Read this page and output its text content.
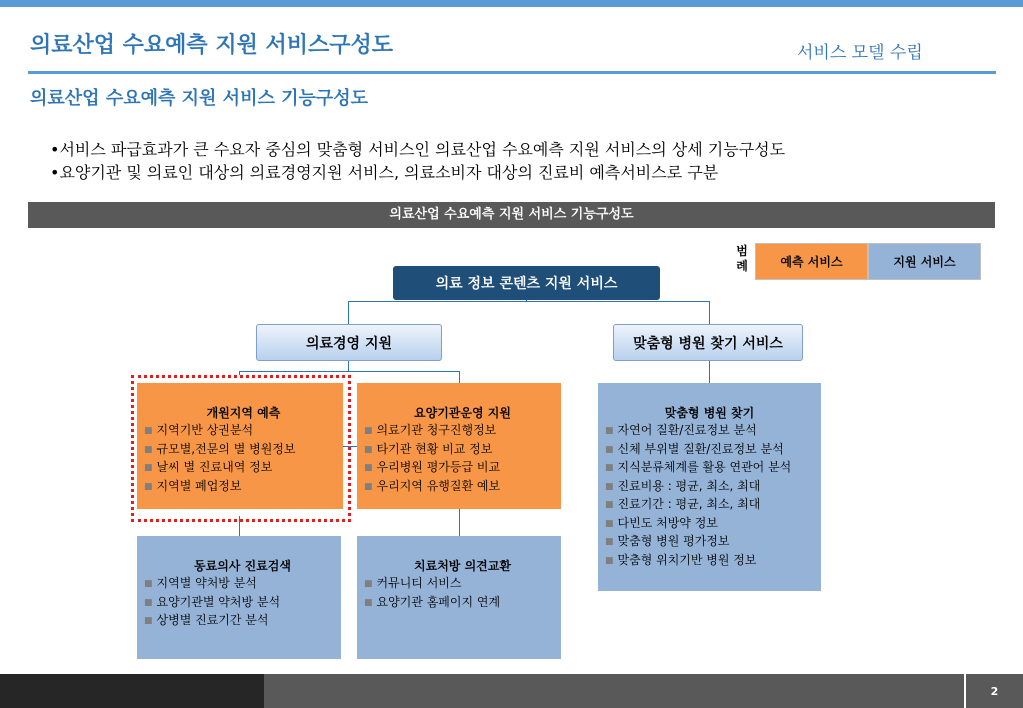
의료산업 수요예측 지원 서비스구성도	서비스 모델 수립
의료산업 수요예측 지원 서비스 기능구성도
•서비스 파급효과가 큰 수요자 중심의 맞춤형 서비스인 의료산업 수요예측 지원 서비스의 상세 기능구성도
•요양기관 및 의료인 대상의 의료경영지원 서비스, 의료소비자 대상의 진료비 예측서비스로 구분
의료산업 수요예측 지원 서비스 기능구성도
범례	예측 서비스	지원 서비스
의료 정보 콘텐츠 지원 서비스
의료경영 지원	맞춤형 병원 찾기 서비스
개원지역 예측
■ 지역기반 상권분석
■ 규모별,전문의 별 병원정보
■ 날씨 별 진료내역 정보
■ 지역별 폐업정보
요양기관운영 지원
■ 의료기관 청구진행정보
■ 타기관 현황 비교 정보
■ 우리병원 평가등급 비교
■ 우리지역 유행질환 예보
맞춤형 병원 찾기
■ 자연어 질환/진료정보 분석
■ 신체 부위별 질환/진료정보 분석
■ 지식분류체계를 활용 연관어 분석
■ 진료비용 : 평균, 최소, 최대
■ 진료기간 : 평균, 최소, 최대
■ 다빈도 처방약 정보
■ 맞춤형 병원 평가정보
■ 맞춤형 위치기반 병원 정보
동료의사 진료검색
■ 지역별 약처방 분석
■ 요양기관별 약처방 분석
■ 상병별 진료기간 분석
치료처방 의견교환
■ 커뮤니티 서비스
■ 요양기관 홈페이지 연계
2
